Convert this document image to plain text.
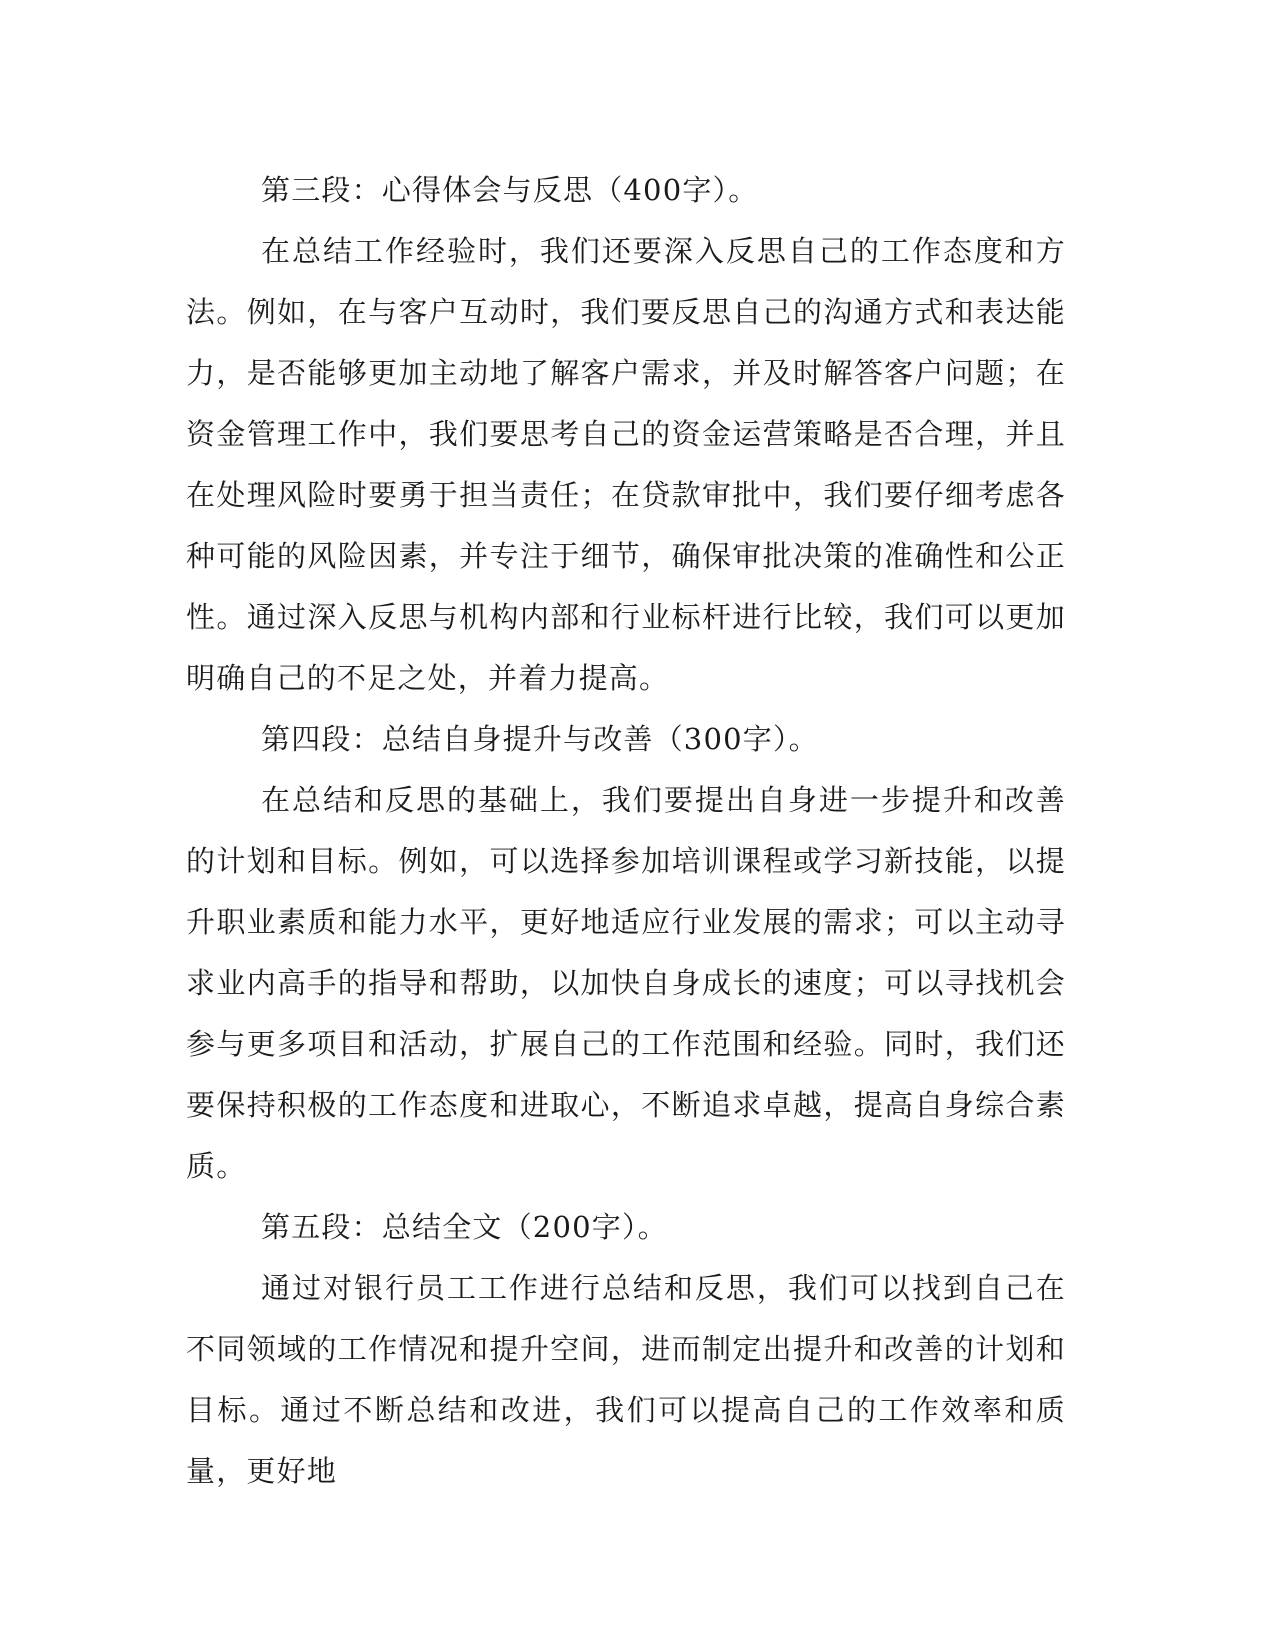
第三段：心得体会与反思（400字）。

在总结工作经验时，我们还要深入反思自己的工作态度和方法。例如，在与客户互动时，我们要反思自己的沟通方式和表达能力，是否能够更加主动地了解客户需求，并及时解答客户问题；在资金管理工作中，我们要思考自己的资金运营策略是否合理，并且在处理风险时要勇于担当责任；在贷款审批中，我们要仔细考虑各种可能的风险因素，并专注于细节，确保审批决策的准确性和公正性。通过深入反思与机构内部和行业标杆进行比较，我们可以更加明确自己的不足之处，并着力提高。

第四段：总结自身提升与改善（300字）。

在总结和反思的基础上，我们要提出自身进一步提升和改善的计划和目标。例如，可以选择参加培训课程或学习新技能，以提升职业素质和能力水平，更好地适应行业发展的需求；可以主动寻求业内高手的指导和帮助，以加快自身成长的速度；可以寻找机会参与更多项目和活动，扩展自己的工作范围和经验。同时，我们还要保持积极的工作态度和进取心，不断追求卓越，提高自身综合素质。

第五段：总结全文（200字）。

通过对银行员工工作进行总结和反思，我们可以找到自己在不同领域的工作情况和提升空间，进而制定出提升和改善的计划和目标。通过不断总结和改进，我们可以提高自己的工作效率和质量，更好地
